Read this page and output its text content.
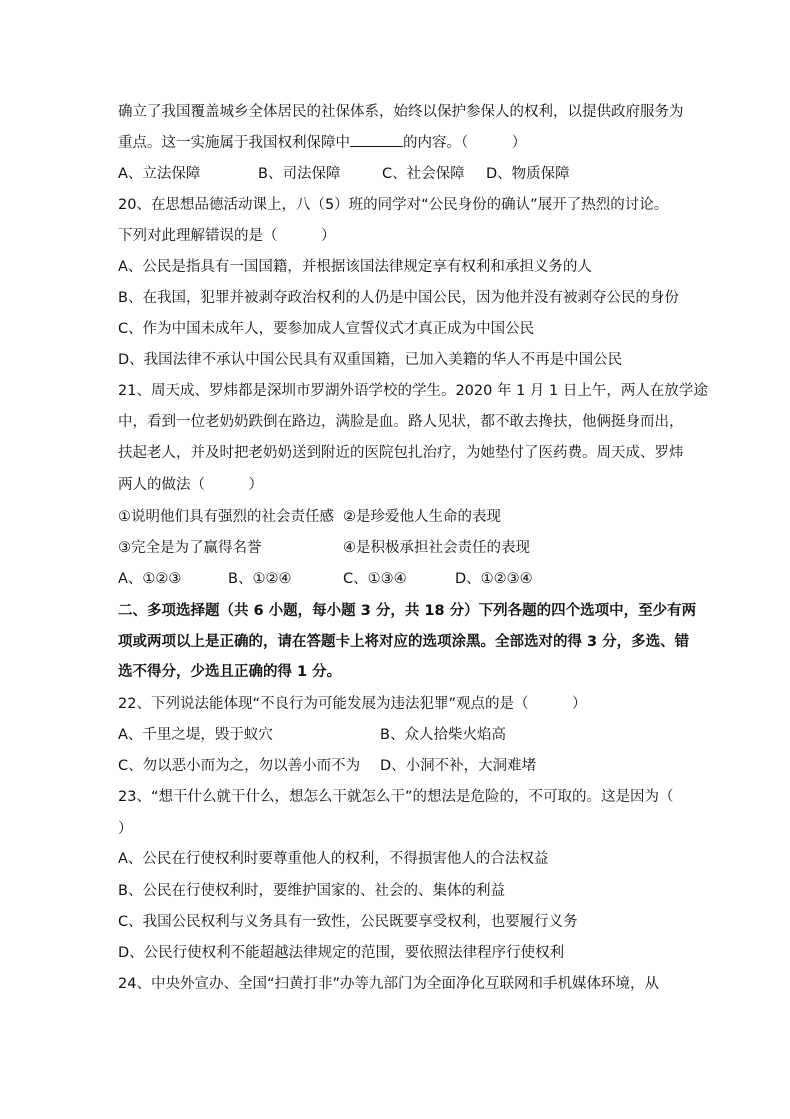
确立了我国覆盖城乡全体居民的社保体系，始终以保护参保人的权利，以提供政府服务为
重点。这一实施属于我国权利保障中	的内容。（　　　）
A、立法保障	B、司法保障	C、社会保障 D、物质保障
20、在思想品德活动课上，八（5）班的同学对“公民身份的确认”展开了热烈的讨论。
下列对此理解错误的是（　　　）
A、公民是指具有一国国籍，并根据该国法律规定享有权利和承担义务的人
B、在我国，犯罪并被剥夺政治权利的人仍是中国公民，因为他并没有被剥夺公民的身份
C、作为中国未成年人，要参加成人宣誓仪式才真正成为中国公民
D、我国法律不承认中国公民具有双重国籍，已加入美籍的华人不再是中国公民
21、周天成、罗炜都是深圳市罗湖外语学校的学生。2020 年 1 月 1 日上午，两人在放学途
中，看到一位老奶奶跌倒在路边，满脸是血。路人见状，都不敢去搀扶，他俩挺身而出，
扶起老人，并及时把老奶奶送到附近的医院包扎治疗，为她垫付了医药费。周天成、罗炜
两人的做法（　　　）
①说明他们具有强烈的社会责任感 ②是珍爱他人生命的表现
③完全是为了赢得名誉	④是积极承担社会责任的表现
A、①②③	B、①②④	C、①③④	D、①②③④
二、多项选择题（共 6 小题，每小题 3 分，共 18 分）下列各题的四个选项中，至少有两
项或两项以上是正确的，请在答题卡上将对应的选项涂黑。全部选对的得 3 分，多选、错
选不得分，少选且正确的得 1 分。
22、下列说法能体现“不良行为可能发展为违法犯罪”观点的是（　　　）
A、千里之堤，毁于蚁穴	B、众人拾柴火焰高
C、勿以恶小而为之，勿以善小而不为 D、小洞不补，大洞难堵
23、“想干什么就干什么，想怎么干就怎么干”的想法是危险的，不可取的。这是因为（
）
A、公民在行使权利时要尊重他人的权利，不得损害他人的合法权益
B、公民在行使权利时，要维护国家的、社会的、集体的利益
C、我国公民权利与义务具有一致性，公民既要享受权利，也要履行义务
D、公民行使权利不能超越法律规定的范围，要依照法律程序行使权利
24、中央外宣办、全国“扫黄打非”办等九部门为全面净化互联网和手机媒体环境，从
